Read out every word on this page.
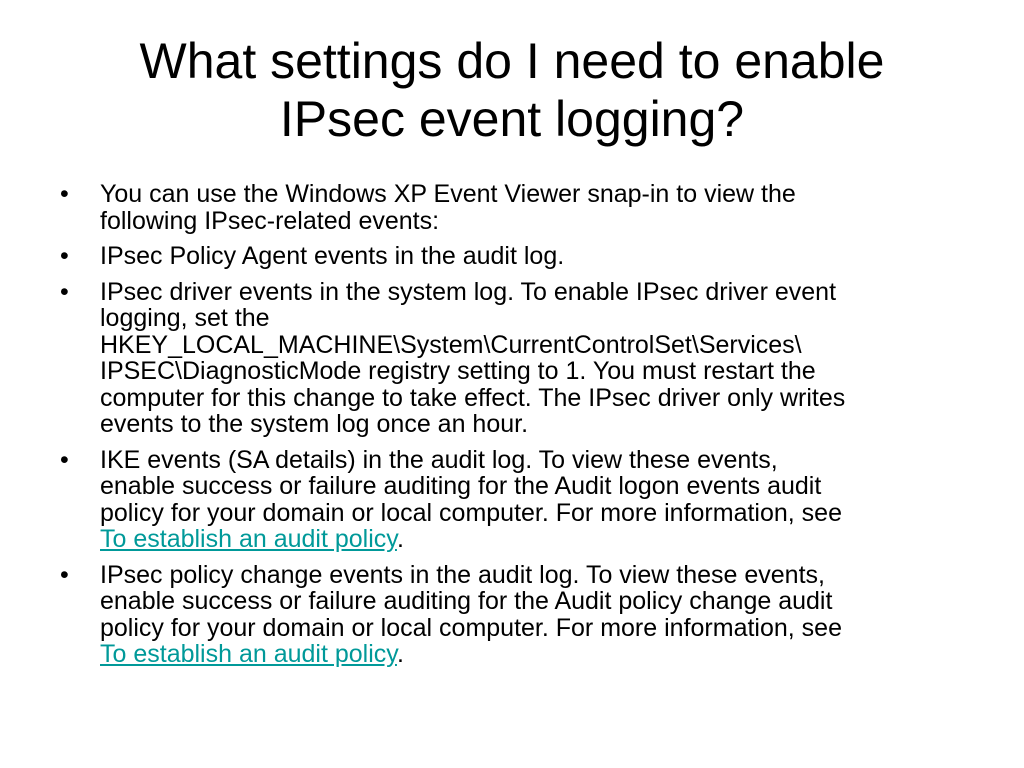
What settings do I need to enable
IPsec event logging?
• You can use the Windows XP Event Viewer snap-in to view the
following IPsec-related events:
• IPsec Policy Agent events in the audit log.
• IPsec driver events in the system log. To enable IPsec driver event
logging, set the
HKEY_LOCAL_MACHINE\System\CurrentControlSet\Services\
IPSEC\DiagnosticMode registry setting to 1. You must restart the
computer for this change to take effect. The IPsec driver only writes
events to the system log once an hour.
• IKE events (SA details) in the audit log. To view these events,
enable success or failure auditing for the Audit logon events audit
policy for your domain or local computer. For more information, see
To establish an audit policy.
• IPsec policy change events in the audit log. To view these events,
enable success or failure auditing for the Audit policy change audit
policy for your domain or local computer. For more information, see
To establish an audit policy.
